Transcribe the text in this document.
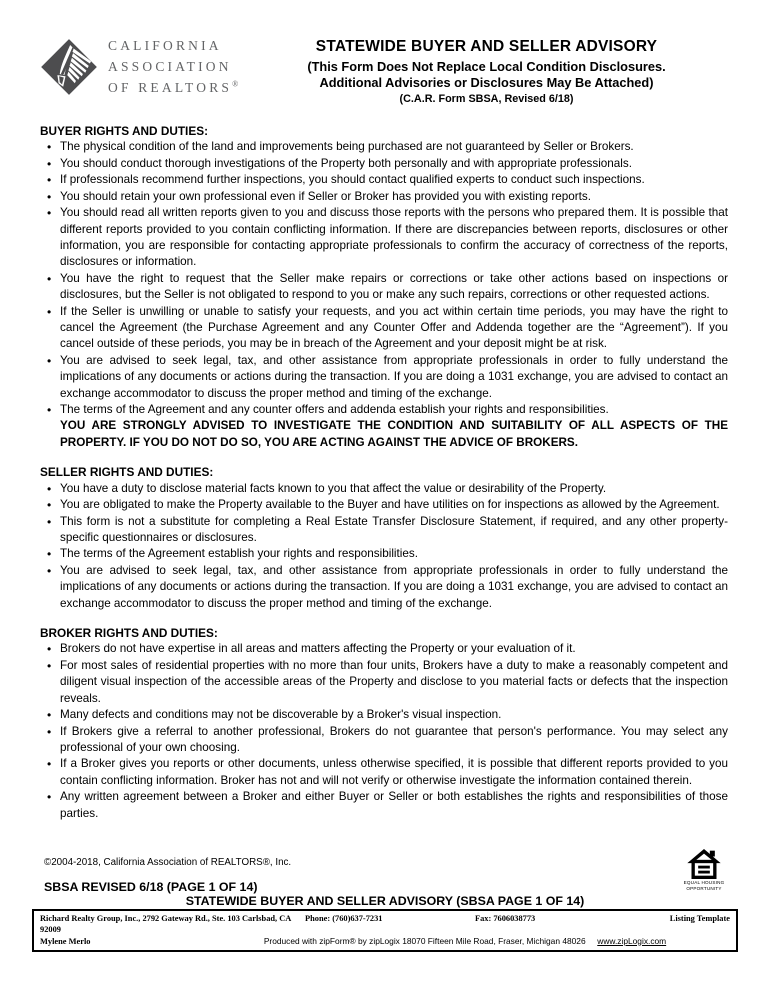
CALIFORNIA
ASSOCIATION
OF REALTORS®
STATEWIDE BUYER AND SELLER ADVISORY
(This Form Does Not Replace Local Condition Disclosures.
Additional Advisories or Disclosures May Be Attached)
(C.A.R. Form SBSA, Revised 6/18)
BUYER RIGHTS AND DUTIES:
• The physical condition of the land and improvements being purchased are not guaranteed by Seller or Brokers.
• You should conduct thorough investigations of the Property both personally and with appropriate professionals.
• If professionals recommend further inspections, you should contact qualified experts to conduct such inspections.
• You should retain your own professional even if Seller or Broker has provided you with existing reports.
• You should read all written reports given to you and discuss those reports with the persons who prepared them. It is possible that different reports provided to you contain conflicting information. If there are discrepancies between reports, disclosures or other information, you are responsible for contacting appropriate professionals to confirm the accuracy of correctness of the reports, disclosures or information.
• You have the right to request that the Seller make repairs or corrections or take other actions based on inspections or disclosures, but the Seller is not obligated to respond to you or make any such repairs, corrections or other requested actions.
• If the Seller is unwilling or unable to satisfy your requests, and you act within certain time periods, you may have the right to cancel the Agreement (the Purchase Agreement and any Counter Offer and Addenda together are the “Agreement”). If you cancel outside of these periods, you may be in breach of the Agreement and your deposit might be at risk.
• You are advised to seek legal, tax, and other assistance from appropriate professionals in order to fully understand the implications of any documents or actions during the transaction. If you are doing a 1031 exchange, you are advised to contact an exchange accommodator to discuss the proper method and timing of the exchange.
• The terms of the Agreement and any counter offers and addenda establish your rights and responsibilities.
YOU ARE STRONGLY ADVISED TO INVESTIGATE THE CONDITION AND SUITABILITY OF ALL ASPECTS OF THE PROPERTY. IF YOU DO NOT DO SO, YOU ARE ACTING AGAINST THE ADVICE OF BROKERS.
SELLER RIGHTS AND DUTIES:
• You have a duty to disclose material facts known to you that affect the value or desirability of the Property.
• You are obligated to make the Property available to the Buyer and have utilities on for inspections as allowed by the Agreement.
• This form is not a substitute for completing a Real Estate Transfer Disclosure Statement, if required, and any other property-specific questionnaires or disclosures.
• The terms of the Agreement establish your rights and responsibilities.
• You are advised to seek legal, tax, and other assistance from appropriate professionals in order to fully understand the implications of any documents or actions during the transaction. If you are doing a 1031 exchange, you are advised to contact an exchange accommodator to discuss the proper method and timing of the exchange.
BROKER RIGHTS AND DUTIES:
• Brokers do not have expertise in all areas and matters affecting the Property or your evaluation of it.
• For most sales of residential properties with no more than four units, Brokers have a duty to make a reasonably competent and diligent visual inspection of the accessible areas of the Property and disclose to you material facts or defects that the inspection reveals.
• Many defects and conditions may not be discoverable by a Broker's visual inspection.
• If Brokers give a referral to another professional, Brokers do not guarantee that person's performance. You may select any professional of your own choosing.
• If a Broker gives you reports or other documents, unless otherwise specified, it is possible that different reports provided to you contain conflicting information. Broker has not and will not verify or otherwise investigate the information contained therein.
• Any written agreement between a Broker and either Buyer or Seller or both establishes the rights and responsibilities of those parties.
©2004-2018, California Association of REALTORS®, Inc.
EQUAL HOUSING
OPPORTUNITY
SBSA REVISED 6/18 (PAGE 1 OF 14)
STATEWIDE BUYER AND SELLER ADVISORY (SBSA PAGE 1 OF 14)
Richard Realty Group, Inc., 2792 Gateway Rd., Ste. 103 Carlsbad, CA 92009
Phone: (760)637-7231	Fax: 7606038773	Listing Template
Mylene Merlo	Produced with zipForm® by zipLogix 18070 Fifteen Mile Road, Fraser, Michigan 48026 www.zipLogix.com
